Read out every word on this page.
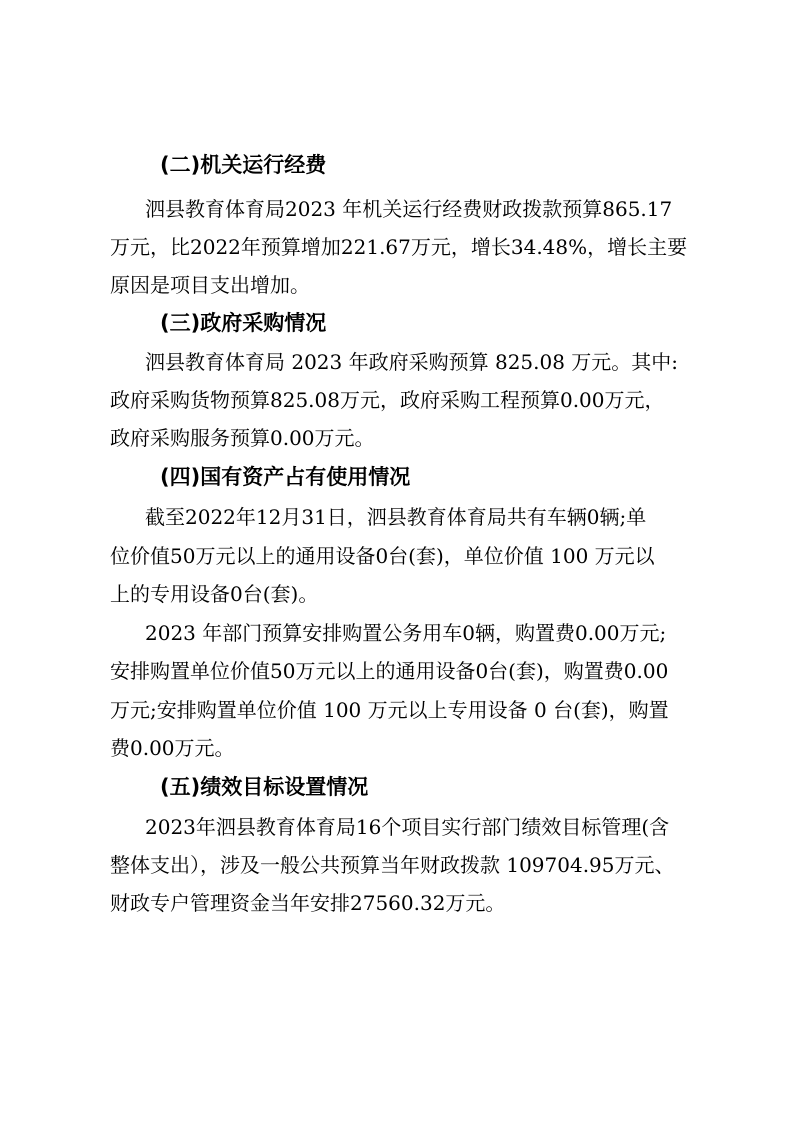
(二)机关运行经费
泗县教育体育局2023 年机关运行经费财政拨款预算865.17
万元，比2022年预算增加221.67万元，增长34.48%，增长主要
原因是项目支出增加。
(三)政府采购情况
泗县教育体育局 2023 年政府采购预算 825.08 万元。其中:
政府采购货物预算825.08万元，政府采购工程预算0.00万元，
政府采购服务预算0.00万元。
(四)国有资产占有使用情况
截至2022年12月31日，泗县教育体育局共有车辆0辆;单
位价值50万元以上的通用设备0台(套)，单位价值 100 万元以
上的专用设备0台(套)。
2023 年部门预算安排购置公务用车0辆，购置费0.00万元;
安排购置单位价值50万元以上的通用设备0台(套)，购置费0.00
万元;安排购置单位价值 100 万元以上专用设备 0 台(套)，购置
费0.00万元。
(五)绩效目标设置情况
2023年泗县教育体育局16个项目实行部门绩效目标管理(含
整体支出），涉及一般公共预算当年财政拨款 109704.95万元、
财政专户管理资金当年安排27560.32万元。
